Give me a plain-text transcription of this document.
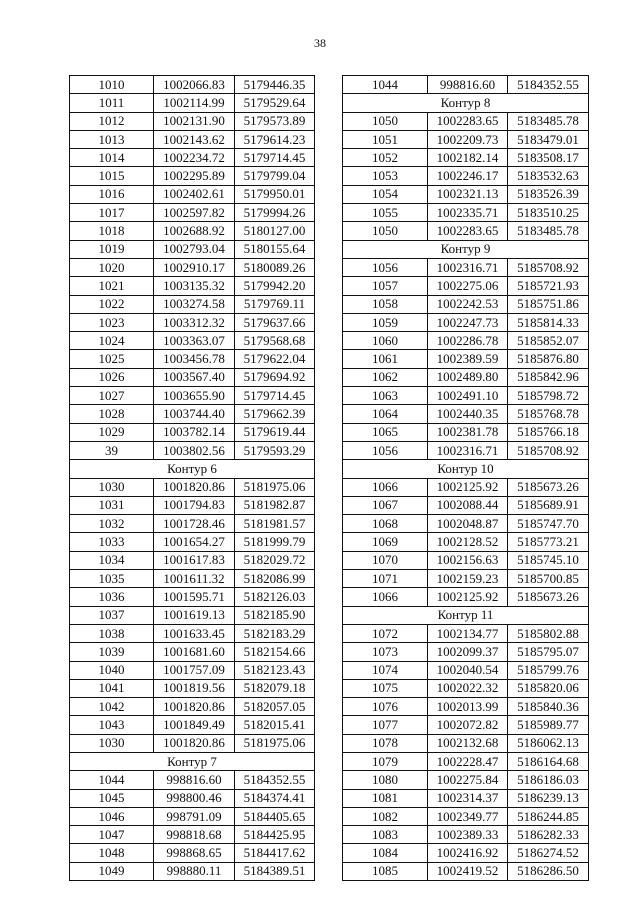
38
1010	1002066.83	5179446.35
1011	1002114.99	5179529.64
1012	1002131.90	5179573.89
1013	1002143.62	5179614.23
1014	1002234.72	5179714.45
1015	1002295.89	5179799.04
1016	1002402.61	5179950.01
1017	1002597.82	5179994.26
1018	1002688.92	5180127.00
1019	1002793.04	5180155.64
1020	1002910.17	5180089.26
1021	1003135.32	5179942.20
1022	1003274.58	5179769.11
1023	1003312.32	5179637.66
1024	1003363.07	5179568.68
1025	1003456.78	5179622.04
1026	1003567.40	5179694.92
1027	1003655.90	5179714.45
1028	1003744.40	5179662.39
1029	1003782.14	5179619.44
39	1003802.56	5179593.29
Контур 6		
1030	1001820.86	5181975.06
1031	1001794.83	5181982.87
1032	1001728.46	5181981.57
1033	1001654.27	5181999.79
1034	1001617.83	5182029.72
1035	1001611.32	5182086.99
1036	1001595.71	5182126.03
1037	1001619.13	5182185.90
1038	1001633.45	5182183.29
1039	1001681.60	5182154.66
1040	1001757.09	5182123.43
1041	1001819.56	5182079.18
1042	1001820.86	5182057.05
1043	1001849.49	5182015.41
1030	1001820.86	5181975.06
Контур 7		
1044	998816.60	5184352.55
1045	998800.46	5184374.41
1046	998791.09	5184405.65
1047	998818.68	5184425.95
1048	998868.65	5184417.62
1049	998880.11	5184389.51
1044	998816.60	5184352.55
Контур 8		
1050	1002283.65	5183485.78
1051	1002209.73	5183479.01
1052	1002182.14	5183508.17
1053	1002246.17	5183532.63
1054	1002321.13	5183526.39
1055	1002335.71	5183510.25
1050	1002283.65	5183485.78
Контур 9		
1056	1002316.71	5185708.92
1057	1002275.06	5185721.93
1058	1002242.53	5185751.86
1059	1002247.73	5185814.33
1060	1002286.78	5185852.07
1061	1002389.59	5185876.80
1062	1002489.80	5185842.96
1063	1002491.10	5185798.72
1064	1002440.35	5185768.78
1065	1002381.78	5185766.18
1056	1002316.71	5185708.92
Контур 10		
1066	1002125.92	5185673.26
1067	1002088.44	5185689.91
1068	1002048.87	5185747.70
1069	1002128.52	5185773.21
1070	1002156.63	5185745.10
1071	1002159.23	5185700.85
1066	1002125.92	5185673.26
Контур 11		
1072	1002134.77	5185802.88
1073	1002099.37	5185795.07
1074	1002040.54	5185799.76
1075	1002022.32	5185820.06
1076	1002013.99	5185840.36
1077	1002072.82	5185989.77
1078	1002132.68	5186062.13
1079	1002228.47	5186164.68
1080	1002275.84	5186186.03
1081	1002314.37	5186239.13
1082	1002349.77	5186244.85
1083	1002389.33	5186282.33
1084	1002416.92	5186274.52
1085	1002419.52	5186286.50
